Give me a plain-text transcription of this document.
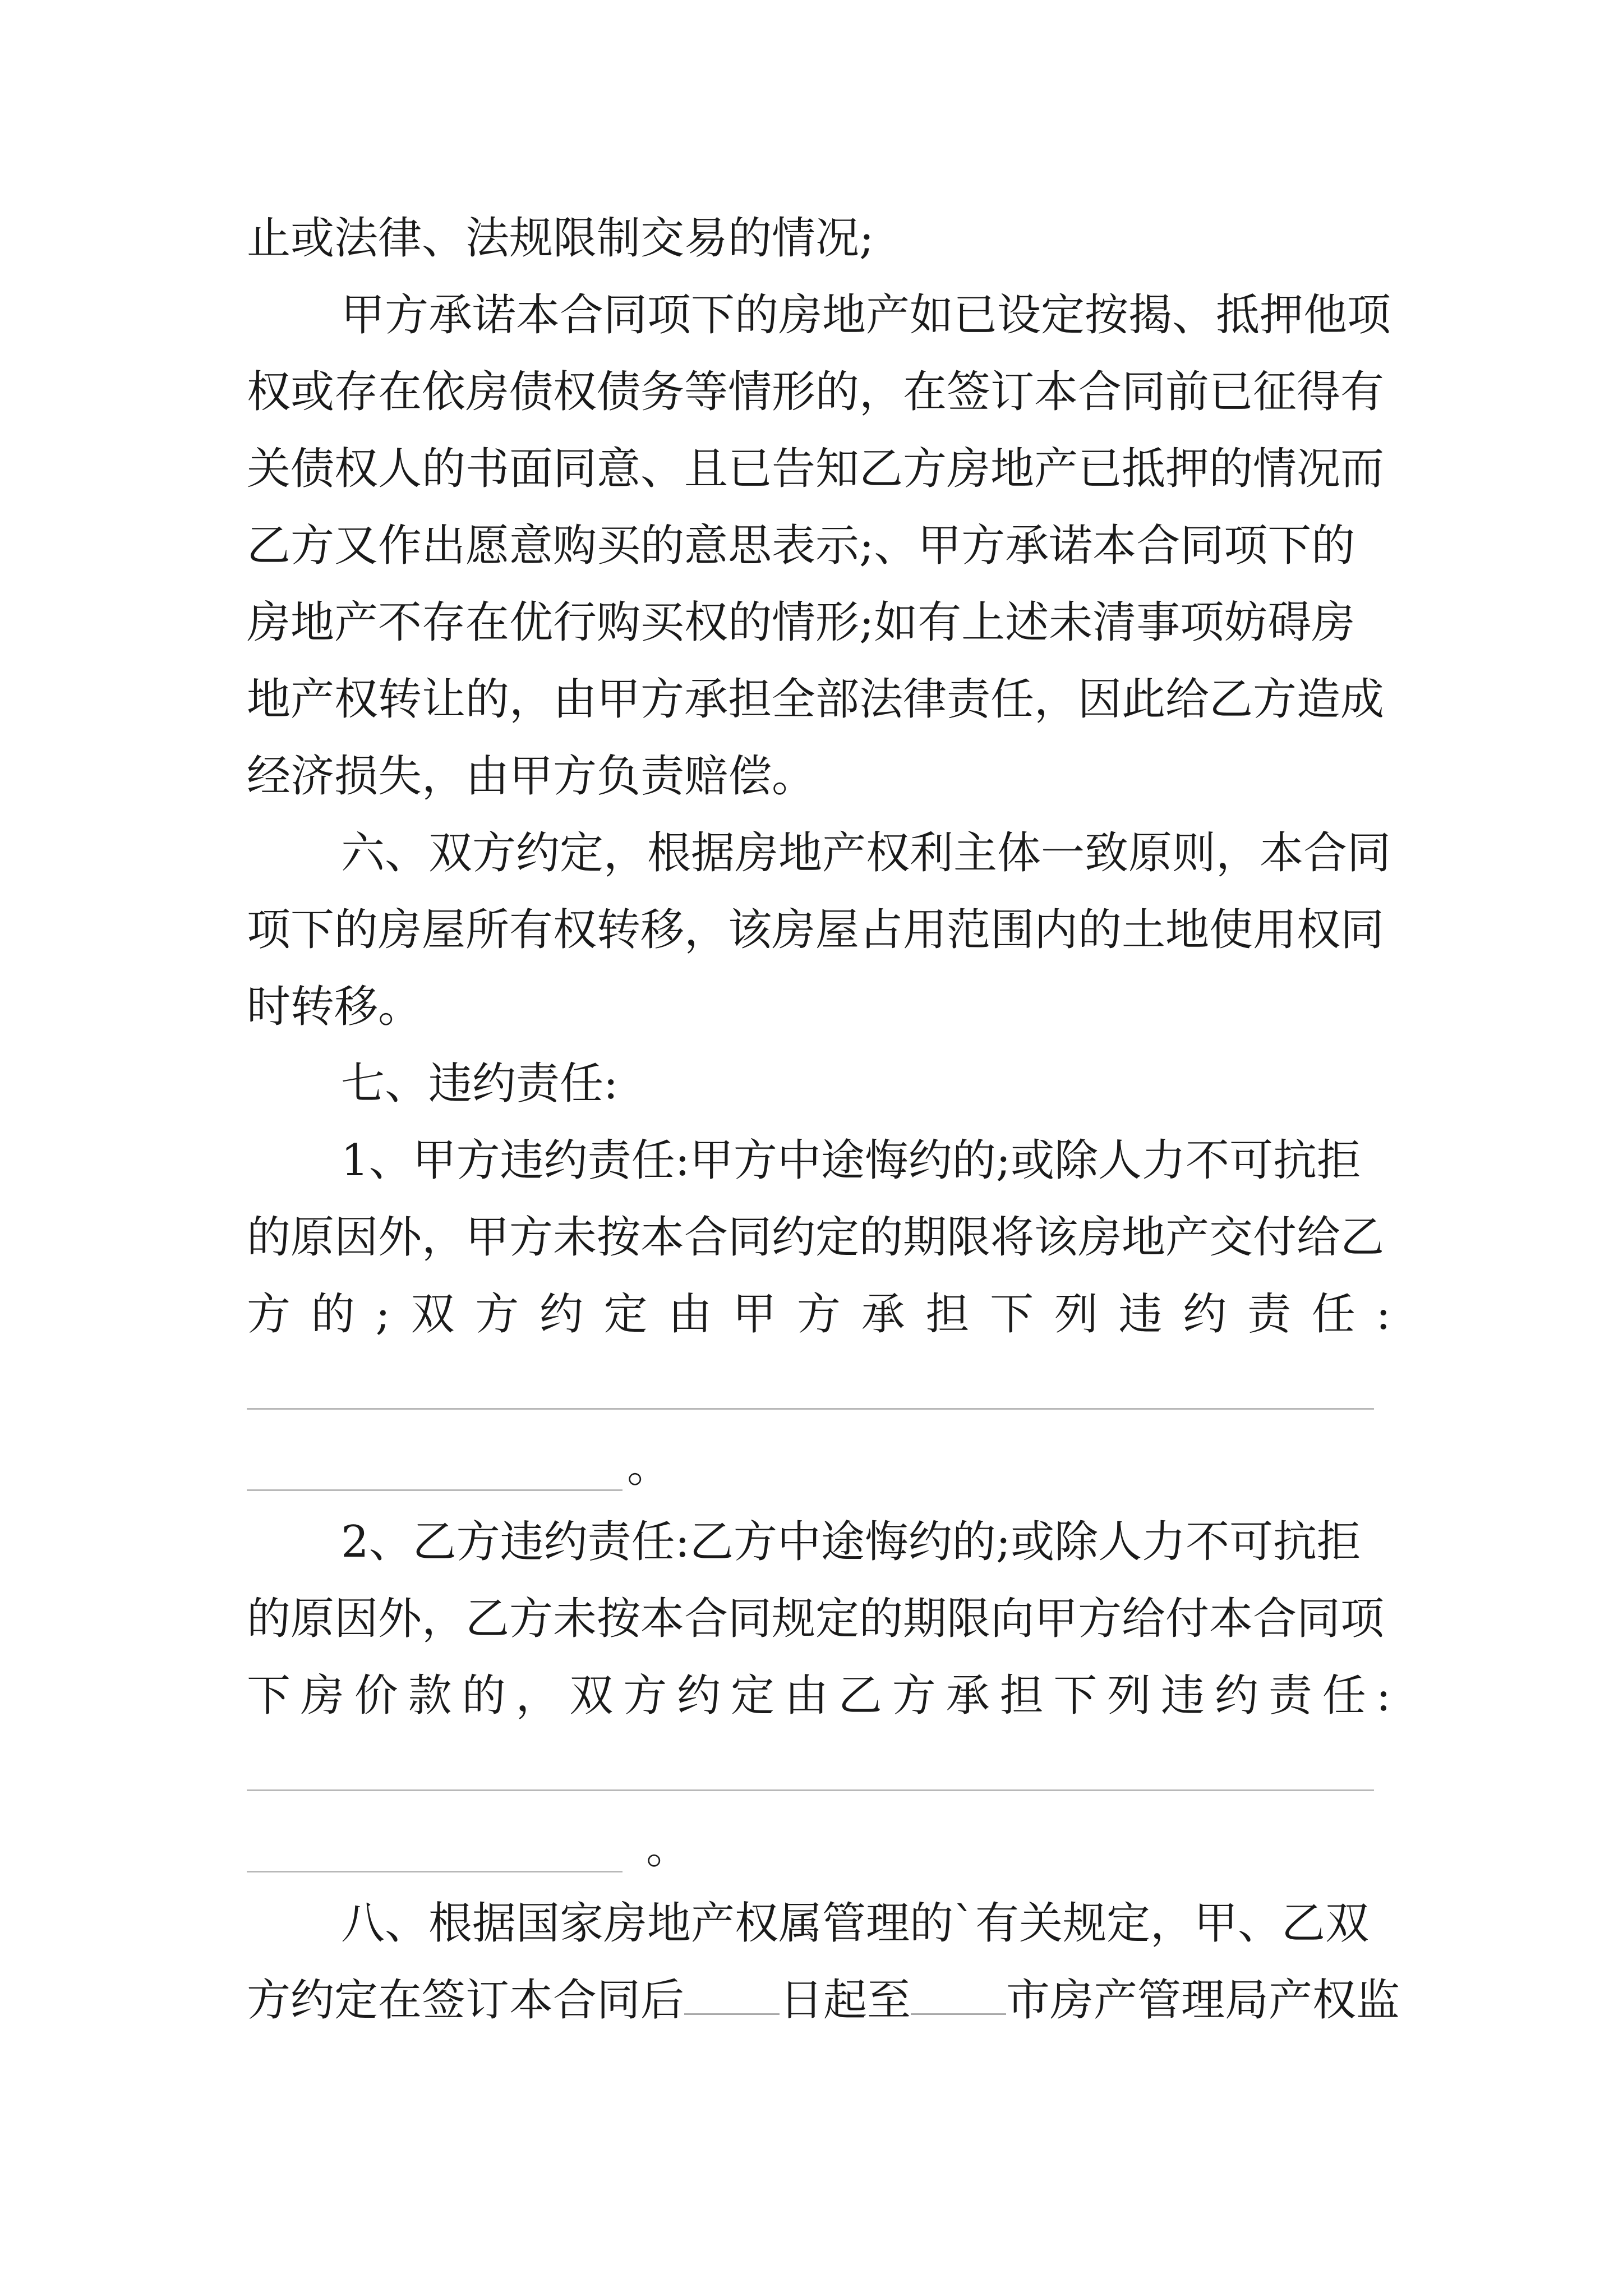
止或法律、法规限制交易的情况;
甲方承诺本合同项下的房地产如已设定按揭、抵押他项
权或存在依房债权债务等情形的，在签订本合同前已征得有
关债权人的书面同意、且已告知乙方房地产已抵押的情况而
乙方又作出愿意购买的意思表示;、甲方承诺本合同项下的
房地产不存在优行购买权的情形;如有上述未清事项妨碍房
地产权转让的，由甲方承担全部法律责任，因此给乙方造成
经济损失，由甲方负责赔偿。
六、双方约定，根据房地产权利主体一致原则，本合同
项下的房屋所有权转移，该房屋占用范围内的土地使用权同
时转移。
七、违约责任:
1、甲方违约责任:甲方中途悔约的;或除人力不可抗拒
的原因外，甲方未按本合同约定的期限将该房地产交付给乙
方 的 ; 双 方 约 定 由 甲 方 承 担 下 列 违 约 责 任 :
。
2、乙方违约责任:乙方中途悔约的;或除人力不可抗拒
的原因外，乙方未按本合同规定的期限向甲方给付本合同项
下 房 价 款 的 ， 双 方 约 定 由 乙 方 承 担 下 列 违 约 责 任 :
。
八、根据国家房地产权属管理的`有关规定，甲、乙双
方约定在签订本合同后 日起至 市房产管理局产权监
